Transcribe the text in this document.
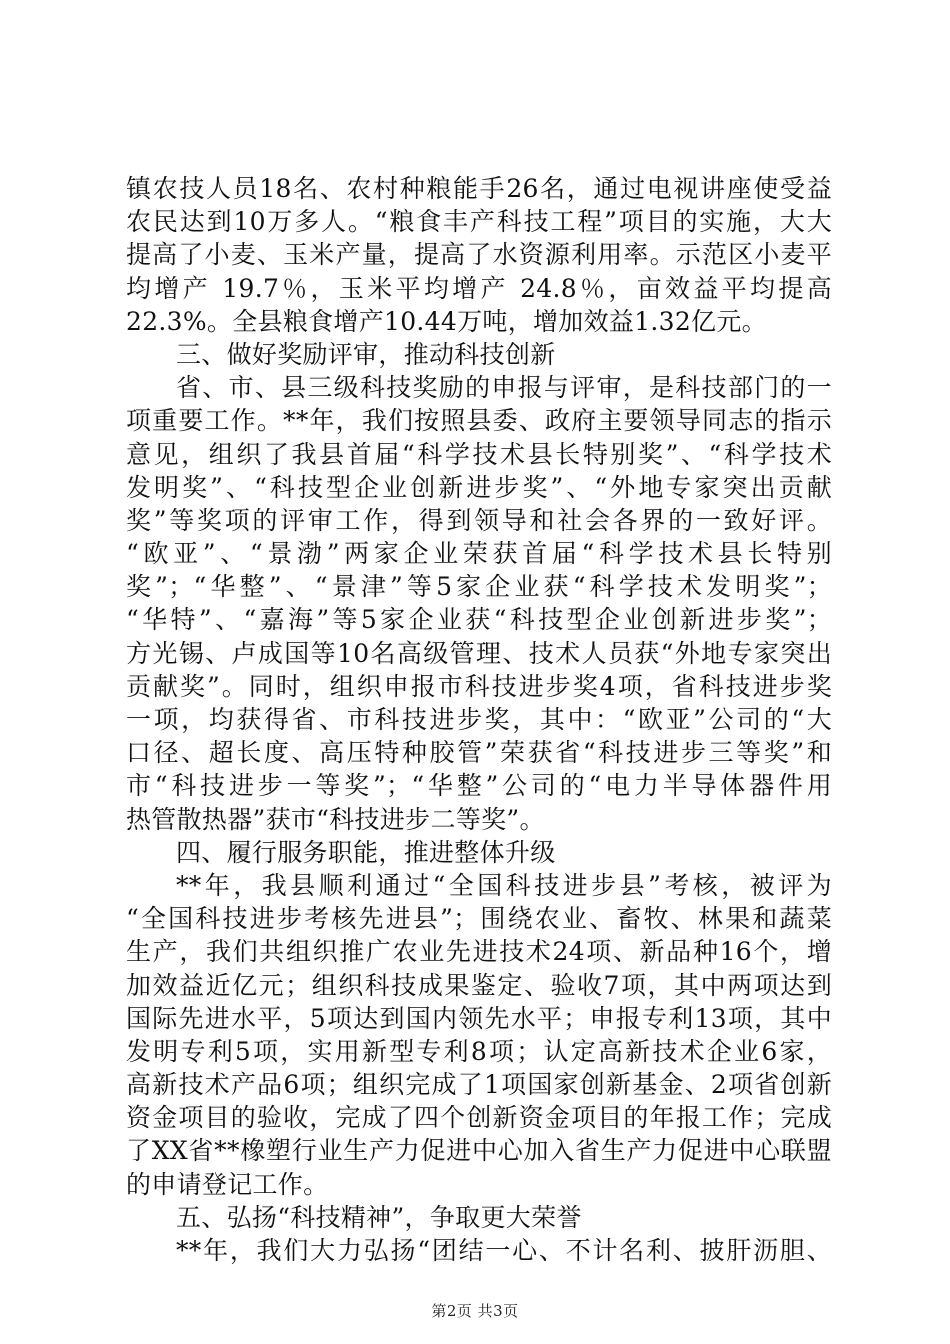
镇农技人员18名、农村种粮能手26名，通过电视讲座使受益
农民达到10万多人。“粮食丰产科技工程”项目的实施，大大
提高了小麦、玉米产量，提高了水资源利用率。示范区小麦平
均增产 19.7％，玉米平均增产 24.8％，亩效益平均提高
22.3%。全县粮食增产10.44万吨，增加效益1.32亿元。
三、做好奖励评审，推动科技创新
省、市、县三级科技奖励的申报与评审，是科技部门的一
项重要工作。**年，我们按照县委、政府主要领导同志的指示
意见，组织了我县首届“科学技术县长特别奖”、“科学技术
发明奖”、“科技型企业创新进步奖”、“外地专家突出贡献
奖”等奖项的评审工作，得到领导和社会各界的一致好评。
“欧亚”、“景渤”两家企业荣获首届“科学技术县长特别
奖”；“华整”、“景津”等5家企业获“科学技术发明奖”；
“华特”、“嘉海”等5家企业获“科技型企业创新进步奖”；
方光锡、卢成国等10名高级管理、技术人员获“外地专家突出
贡献奖”。同时，组织申报市科技进步奖4项，省科技进步奖
一项，均获得省、市科技进步奖，其中：“欧亚”公司的“大
口径、超长度、高压特种胶管”荣获省“科技进步三等奖”和
市“科技进步一等奖”；“华整”公司的“电力半导体器件用
热管散热器”获市“科技进步二等奖”。
四、履行服务职能，推进整体升级
**年，我县顺利通过“全国科技进步县”考核，被评为
“全国科技进步考核先进县”；围绕农业、畜牧、林果和蔬菜
生产，我们共组织推广农业先进技术24项、新品种16个，增
加效益近亿元；组织科技成果鉴定、验收7项，其中两项达到
国际先进水平，5项达到国内领先水平；申报专利13项，其中
发明专利5项，实用新型专利8项；认定高新技术企业6家，
高新技术产品6项；组织完成了1项国家创新基金、2项省创新
资金项目的验收，完成了四个创新资金项目的年报工作；完成
了XX省**橡塑行业生产力促进中心加入省生产力促进中心联盟
的申请登记工作。
五、弘扬“科技精神”，争取更大荣誉
**年，我们大力弘扬“团结一心、不计名利、披肝沥胆、
第2页 共3页
